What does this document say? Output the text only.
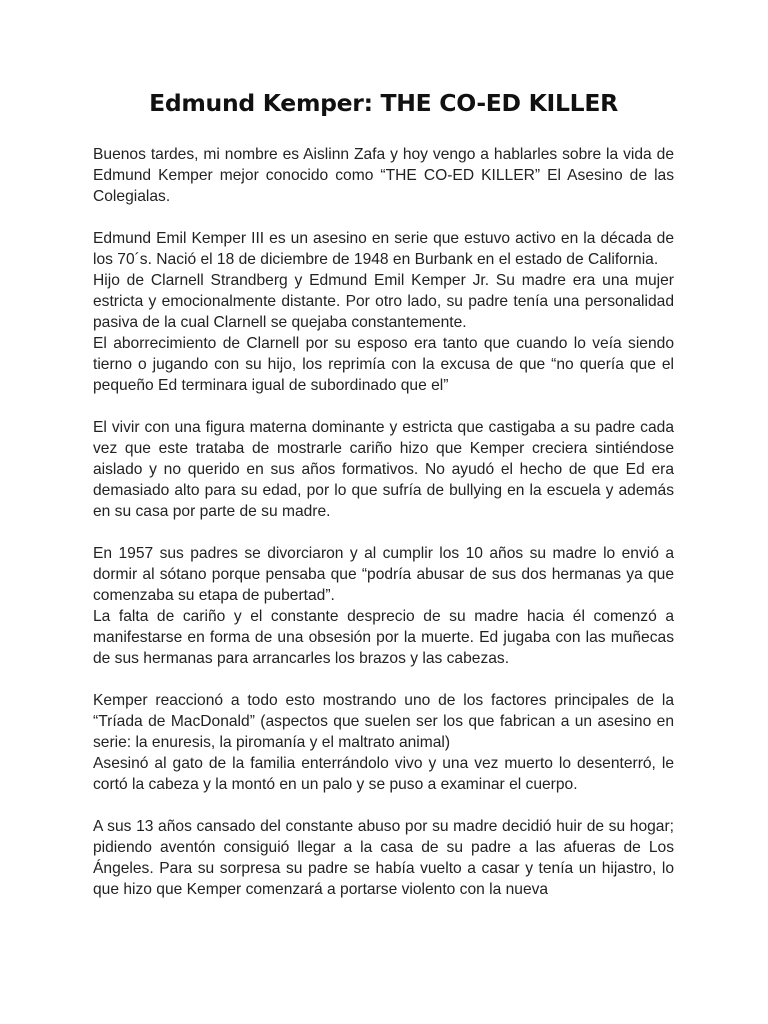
Edmund Kemper: THE CO-ED KILLER

Buenos tardes, mi nombre es Aislinn Zafa y hoy vengo a hablarles sobre la vida de Edmund Kemper mejor conocido como “THE CO-ED KILLER” El Asesino de las Colegialas.

Edmund Emil Kemper III es un asesino en serie que estuvo activo en la década de los 70´s. Nació el 18 de diciembre de 1948 en Burbank en el estado de California.

Hijo de Clarnell Strandberg y Edmund Emil Kemper Jr. Su madre era una mujer estricta y emocionalmente distante. Por otro lado, su padre tenía una personalidad pasiva de la cual Clarnell se quejaba constantemente.

El aborrecimiento de Clarnell por su esposo era tanto que cuando lo veía siendo tierno o jugando con su hijo, los reprimía con la excusa de que “no quería que el pequeño Ed terminara igual de subordinado que el”

El vivir con una figura materna dominante y estricta que castigaba a su padre cada vez que este trataba de mostrarle cariño hizo que Kemper creciera sintiéndose aislado y no querido en sus años formativos. No ayudó el hecho de que Ed era demasiado alto para su edad, por lo que sufría de bullying en la escuela y además en su casa por parte de su madre.

En 1957 sus padres se divorciaron y al cumplir los 10 años su madre lo envió a dormir al sótano porque pensaba que “podría abusar de sus dos hermanas ya que comenzaba su etapa de pubertad”.

La falta de cariño y el constante desprecio de su madre hacia él comenzó a manifestarse en forma de una obsesión por la muerte. Ed jugaba con las muñecas de sus hermanas para arrancarles los brazos y las cabezas.

Kemper reaccionó a todo esto mostrando uno de los factores principales de la “Tríada de MacDonald” (aspectos que suelen ser los que fabrican a un asesino en serie: la enuresis, la piromanía y el maltrato animal)

Asesinó al gato de la familia enterrándolo vivo y una vez muerto lo desenterró, le cortó la cabeza y la montó en un palo y se puso a examinar el cuerpo.

A sus 13 años cansado del constante abuso por su madre decidió huir de su hogar; pidiendo aventón consiguió llegar a la casa de su padre a las afueras de Los Ángeles. Para su sorpresa su padre se había vuelto a casar y tenía un hijastro, lo que hizo que Kemper comenzará a portarse violento con la nueva
